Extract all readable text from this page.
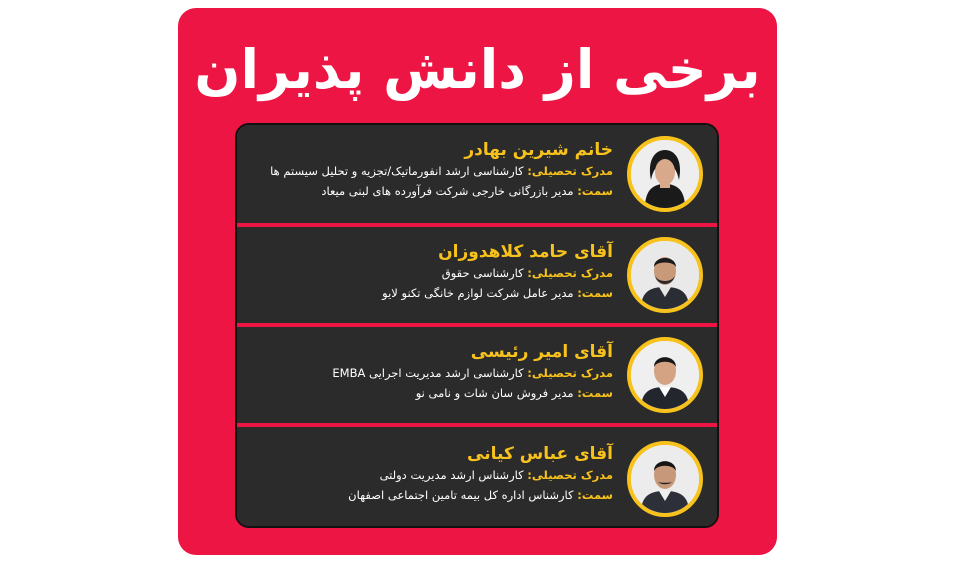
برخی از دانش پذیران
خانم شیرین بهادر
مدرک تحصیلی: کارشناسی ارشد انفورماتیک/تجزیه و تحلیل سیستم ها
سمت: مدیر بازرگانی خارجی شرکت فرآورده های لبنی میعاد
آقای حامد کلاهدوزان
مدرک تحصیلی: کارشناسی حقوق
سمت: مدیر عامل شرکت لوازم خانگی تکنو لایو
آقای امیر رئیسی
مدرک تحصیلی: کارشناسی ارشد مدیریت اجرایی EMBA
سمت: مدیر فروش سان شات و نامی نو
آقای عباس کیانی
مدرک تحصیلی: کارشناس ارشد مدیریت دولتی
سمت: کارشناس اداره کل بیمه تامین اجتماعی اصفهان
